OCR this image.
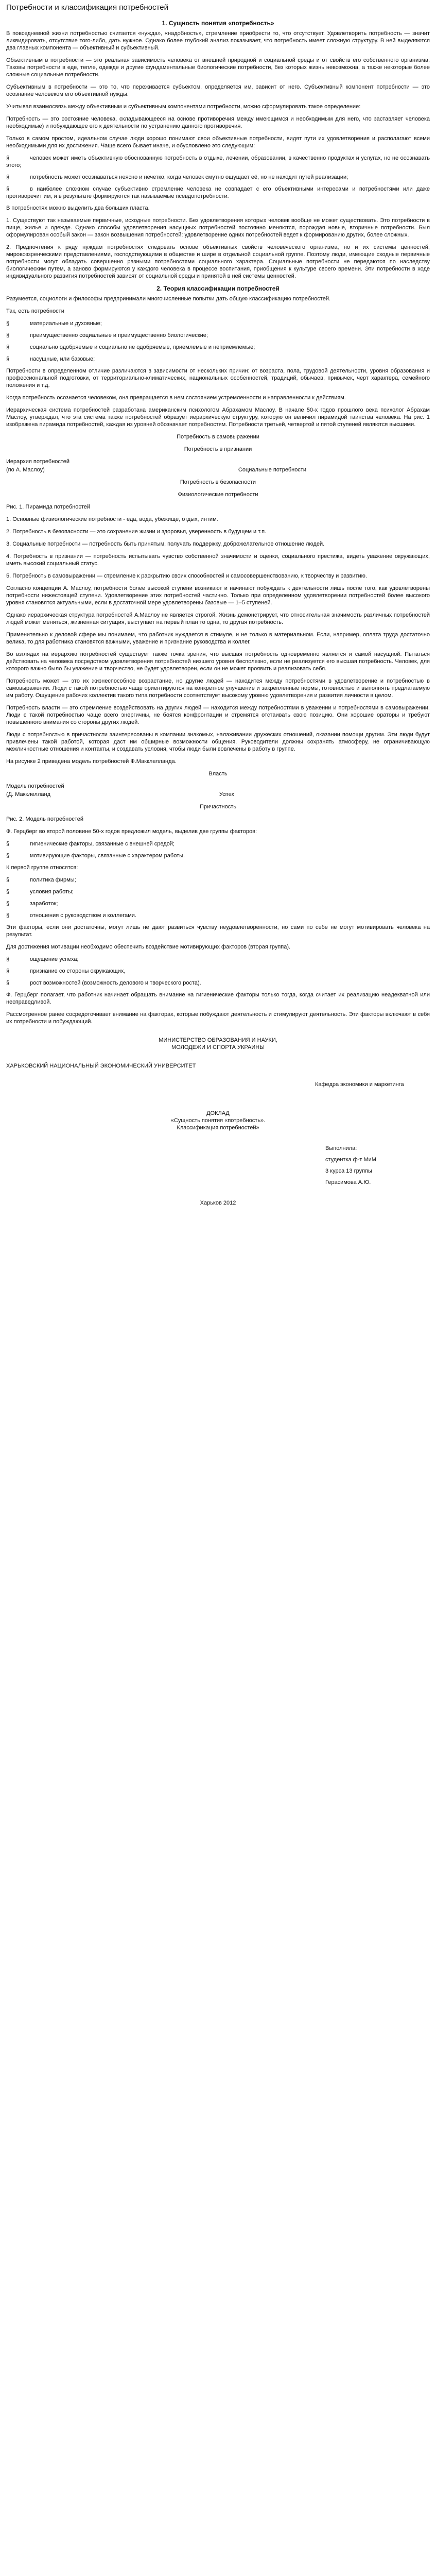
Потребности и классификация потребностей
1. Сущность понятия «потребность»

В повседневной жизни потребностью считается «нужда», «надобность», стремление приобрести то, что отсутствует. Удовлетворить потребность — значит ликвидировать, отсутствие того-либо, дать нужное. Однако более глубокий анализ показывает, что потребность имеет сложную структуру. В ней выделяются два главных компонента — объективный и субъективный.

Объективным в потребности — это реальная зависимость человека от внешней природной и социальной среды и от свойств его собственного организма. Таковы потребности в еде, тепле, одежде и другие фундаментальные биологические потребности, без которых жизнь невозможна, а также некоторые более сложные социальные потребности.

Субъективным в потребности — это то, что переживается субъектом, определяется им, зависит от него. Субъективный компонент потребности — это осознание человеком его объективной нужды.

Учитывая взаимосвязь между объективным и субъективным компонентами потребности, можно сформулировать такое определение:

Потребность — это состояние человека, складывающееся на основе противоречия между имеющимся и необходимым для него, что заставляет человека необходимые) и побуждающее его к деятельности по устранению данного противоречия.

Только в самом простом, идеальном случае люди хорошо понимают свои объективные потребности, видят пути их удовлетворения и располагают всеми необходимыми для их достижения. Чаще всего бывает иначе, и обусловлено это следующим:

§	человек может иметь объективную обоснованную потребность в отдыхе, лечении, образовании, в качественно продуктах и услугах, но не осознавать этого;
§	потребность может осознаваться неясно и нечетко, когда человек смутно ощущает её, но не находит путей реализации;
§	в наиболее сложном случае субъективно стремление человека не совпадает с его объективными интересами и потребностями или даже противоречит им, и в результате формируются так называемые псевдопотребности.

В потребностях можно выделить два больших пласта.

1. Существуют так называемые первичные, исходные потребности. Без удовлетворения которых человек вообще не может существовать. Это потребности в пище, жилье и одежде. Однако способы удовлетворения насущных потребностей постоянно меняются, порождая новые, вторичные потребности. Был сформулирован особый закон — закон возвышения потребностей: удовлетворение одних потребностей ведет к формированию других, более сложных.

2. Предпочтения к ряду нуждам потребностях следовать основе объективных свойств человеческого организма, но и их системы ценностей, мировоззренческими представлениями, господствующими в обществе и шире в отдельной социальной группе. Поэтому люди, имеющие сходные первичные потребности могут обладать совершенно разными потребностями социального характера. Социальные потребности не передаются по наследству биологическим путем, а заново формируются у каждого человека в процессе воспитания, приобщения к культуре своего времени. Эти потребности в ходе индивидуального развития потребностей зависят от социальной среды и принятой в ней системы ценностей.

2. Теория классификации потребностей

Разумеется, социологи и философы предпринимали многочисленные попытки дать общую классификацию потребностей.

Так, есть потребности

§	материальные и духовные;
§	преимущественно социальные и преимущественно биологические;
§	социально одобряемые и социально не одобряемые, приемлемые и неприемлемые;
§	насущные, или базовые;

Потребности в определенном отличие различаются в зависимости от нескольких причин: от возраста, пола, трудовой деятельности, уровня образования и профессиональной подготовки, от территориально-климатических, национальных особенностей, традиций, обычаев, привычек, черт характера, семейного положения и т.д.

Когда потребность осознается человеком, она превращается в нем состоянием устремленности и направленности к действиям.

Иерархическая система потребностей разработана американским психологом Абрахамом Маслоу. В начале 50-х годов прошлого века психолог Абрахам Маслоу, утверждал, что эта система также потребностей образует иерархическую структуру, которую он величил пирамидой таинства человека. На рис. 1 изображена пирамида потребностей, каждая из уровней обозначает потребностям. Потребности третьей, четвертой и пятой ступеней являются высшими.

Потребность в самовыражении
Потребность в признании
Иерархия потребностей
(по А. Маслоу)	Социальные потребности
Потребность в безопасности
Физиологические потребности
Рис. 1. Пирамида потребностей

1. Основные физиологические потребности - еда, вода, убежище, отдых, интим.

2. Потребность в безопасности — это сохранение жизни и здоровья, уверенность в будущем и т.п.

3. Социальные потребности — потребность быть принятым, получать поддержку, доброжелательное отношение людей.

4. Потребность в признании — потребность испытывать чувство собственной значимости и оценки, социального престижа, видеть уважение окружающих, иметь высокий социальный статус.

5. Потребность в самовыражении — стремление к раскрытию своих способностей и самосовершенствованию, к творчеству и развитию.

Согласно концепции А. Маслоу, потребности более высокой ступени возникают и начинают побуждать к деятельности лишь после того, как удовлетворены потребности нижестоящей ступени. Удовлетворение этих потребностей частично. Только при определенном удовлетворении потребностей более высокого уровня становятся актуальными, если в достаточной мере удовлетворены базовые — 1–5 ступеней.

Однако иерархическая структура потребностей А.Маслоу не является строгой. Жизнь демонстрирует, что относительная значимость различных потребностей людей может меняться, жизненная ситуация, выступает на первый план то одна, то другая потребность.

Применительно к деловой сфере мы понимаем, что работник нуждается в стимуле, и не только в материальном. Если, например, оплата труда достаточно велика, то для работника становятся важными, уважение и признание руководства и коллег.

Во взглядах на иерархию потребностей существует также точка зрения, что высшая потребность одновременно является и самой насущной. Пытаться действовать на человека посредством удовлетворения потребностей низшего уровня бесполезно, если не реализуется его высшая потребность. Человек, для которого важно было бы уважение и творчество, не будет удовлетворен, если он не может проявить и реализовать себя.

Потребность может — это их жизнеспособное возрастание, но другие людей — находится между потребностями в удовлетворение и потребностью в самовыражении. Люди с такой потребностью чаще ориентируются на конкретное улучшение и закрепленные нормы, готовностью и выполнять предлагаемую им работу. Ощущение рабочих коллектив такого типа потребности соответствует высокому уровню удовлетворения и развития личности в целом.

Потребность власти — это стремление воздействовать на других людей — находится между потребностями в уважении и потребностями в самовыражении. Люди с такой потребностью чаще всего энергичны, не боятся конфронтации и стремятся отстаивать свою позицию. Они хорошие ораторы и требуют повышенного внимания со стороны других людей.

Люди с потребностью в причастности заинтересованы в компании знакомых, налаживании дружеских отношений, оказании помощи другим. Эти люди будут привлечены такой работой, которая даст им обширные возможности общения. Руководители должны сохранять атмосферу, не ограничивающую межличностные отношения и контакты, и создавать условия, чтобы люди были вовлечены в работу в группе.

На рисунке 2 приведена модель потребностей Ф.Макклелланда.

Власть
Модель потребностей
(Д. Макклелланд	Успех
Причастность
Рис. 2. Модель потребностей

Ф. Герцберг во второй половине 50-х годов предложил модель, выделив две группы факторов:

§	гигиенические факторы, связанные с внешней средой;
§	мотивирующие факторы, связанные с характером работы.

К первой группе относятся:

§	политика фирмы;
§	условия работы;
§	заработок;
§	отношения с руководством и коллегами.

Эти факторы, если они достаточны, могут лишь не дают развиться чувству неудовлетворенности, но сами по себе не могут мотивировать человека на результат.

Для достижения мотивации необходимо обеспечить воздействие мотивирующих факторов (вторая группа).

§	ощущение успеха;
§	признание со стороны окружающих,
§	рост возможностей (возможность делового и творческого роста).

Ф. Герцберг полагает, что работник начинает обращать внимание на гигиенические факторы только тогда, когда считает их реализацию неадекватной или несправедливой.

Рассмотренное ранее сосредоточивает внимание на факторах, которые побуждают деятельность и стимулируют деятельность. Эти факторы включают в себя их потребности и побуждающий.

МИНИСТЕРСТВО ОБРАЗОВАНИЯ И НАУКИ,
МОЛОДЕЖИ И СПОРТА УКРАИНЫ
ХАРЬКОВСКИЙ НАЦИОНАЛЬНЫЙ ЭКОНОМИЧЕСКИЙ УНИВЕРСИТЕТ
Кафедра экономики и маркетинга
ДОКЛАД
«Сущность понятия «потребность».
Классификация потребностей»
Выполнила:
студентка ф-т МиМ
3 курса 13 группы
Герасимова А.Ю.
Харьков 2012
